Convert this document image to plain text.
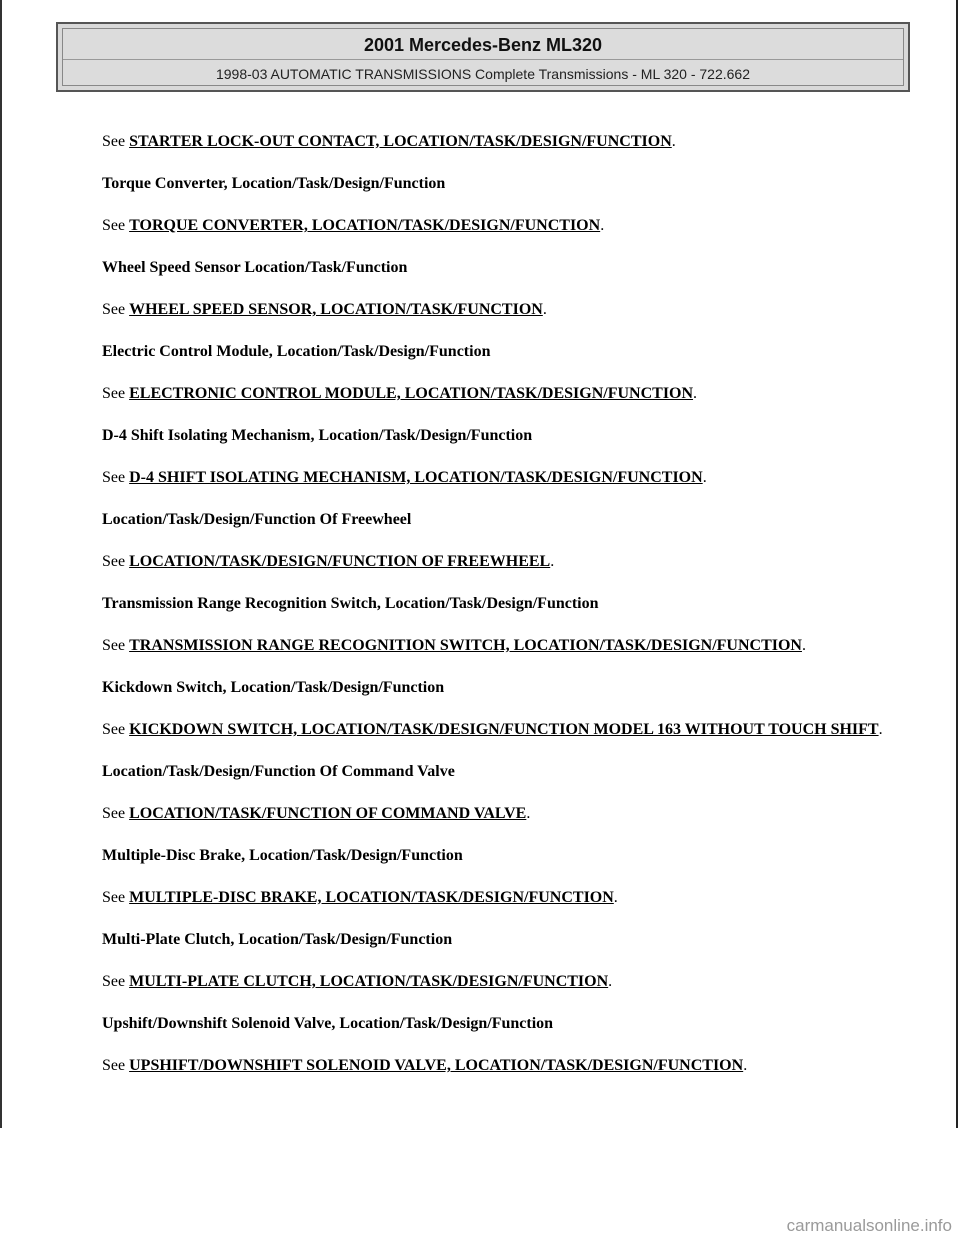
2001 Mercedes-Benz ML320
1998-03 AUTOMATIC TRANSMISSIONS Complete Transmissions - ML 320 - 722.662

See STARTER LOCK-OUT CONTACT, LOCATION/TASK/DESIGN/FUNCTION.

Torque Converter, Location/Task/Design/Function

See TORQUE CONVERTER, LOCATION/TASK/DESIGN/FUNCTION.

Wheel Speed Sensor Location/Task/Function

See WHEEL SPEED SENSOR, LOCATION/TASK/FUNCTION.

Electric Control Module, Location/Task/Design/Function

See ELECTRONIC CONTROL MODULE, LOCATION/TASK/DESIGN/FUNCTION.

D-4 Shift Isolating Mechanism, Location/Task/Design/Function

See D-4 SHIFT ISOLATING MECHANISM, LOCATION/TASK/DESIGN/FUNCTION.

Location/Task/Design/Function Of Freewheel

See LOCATION/TASK/DESIGN/FUNCTION OF FREEWHEEL.

Transmission Range Recognition Switch, Location/Task/Design/Function

See TRANSMISSION RANGE RECOGNITION SWITCH, LOCATION/TASK/DESIGN/FUNCTION.

Kickdown Switch, Location/Task/Design/Function

See KICKDOWN SWITCH, LOCATION/TASK/DESIGN/FUNCTION MODEL 163 WITHOUT TOUCH SHIFT.

Location/Task/Design/Function Of Command Valve

See LOCATION/TASK/FUNCTION OF COMMAND VALVE.

Multiple-Disc Brake, Location/Task/Design/Function

See MULTIPLE-DISC BRAKE, LOCATION/TASK/DESIGN/FUNCTION.

Multi-Plate Clutch, Location/Task/Design/Function

See MULTI-PLATE CLUTCH, LOCATION/TASK/DESIGN/FUNCTION.

Upshift/Downshift Solenoid Valve, Location/Task/Design/Function

See UPSHIFT/DOWNSHIFT SOLENOID VALVE, LOCATION/TASK/DESIGN/FUNCTION.

carmanualsonline.info
